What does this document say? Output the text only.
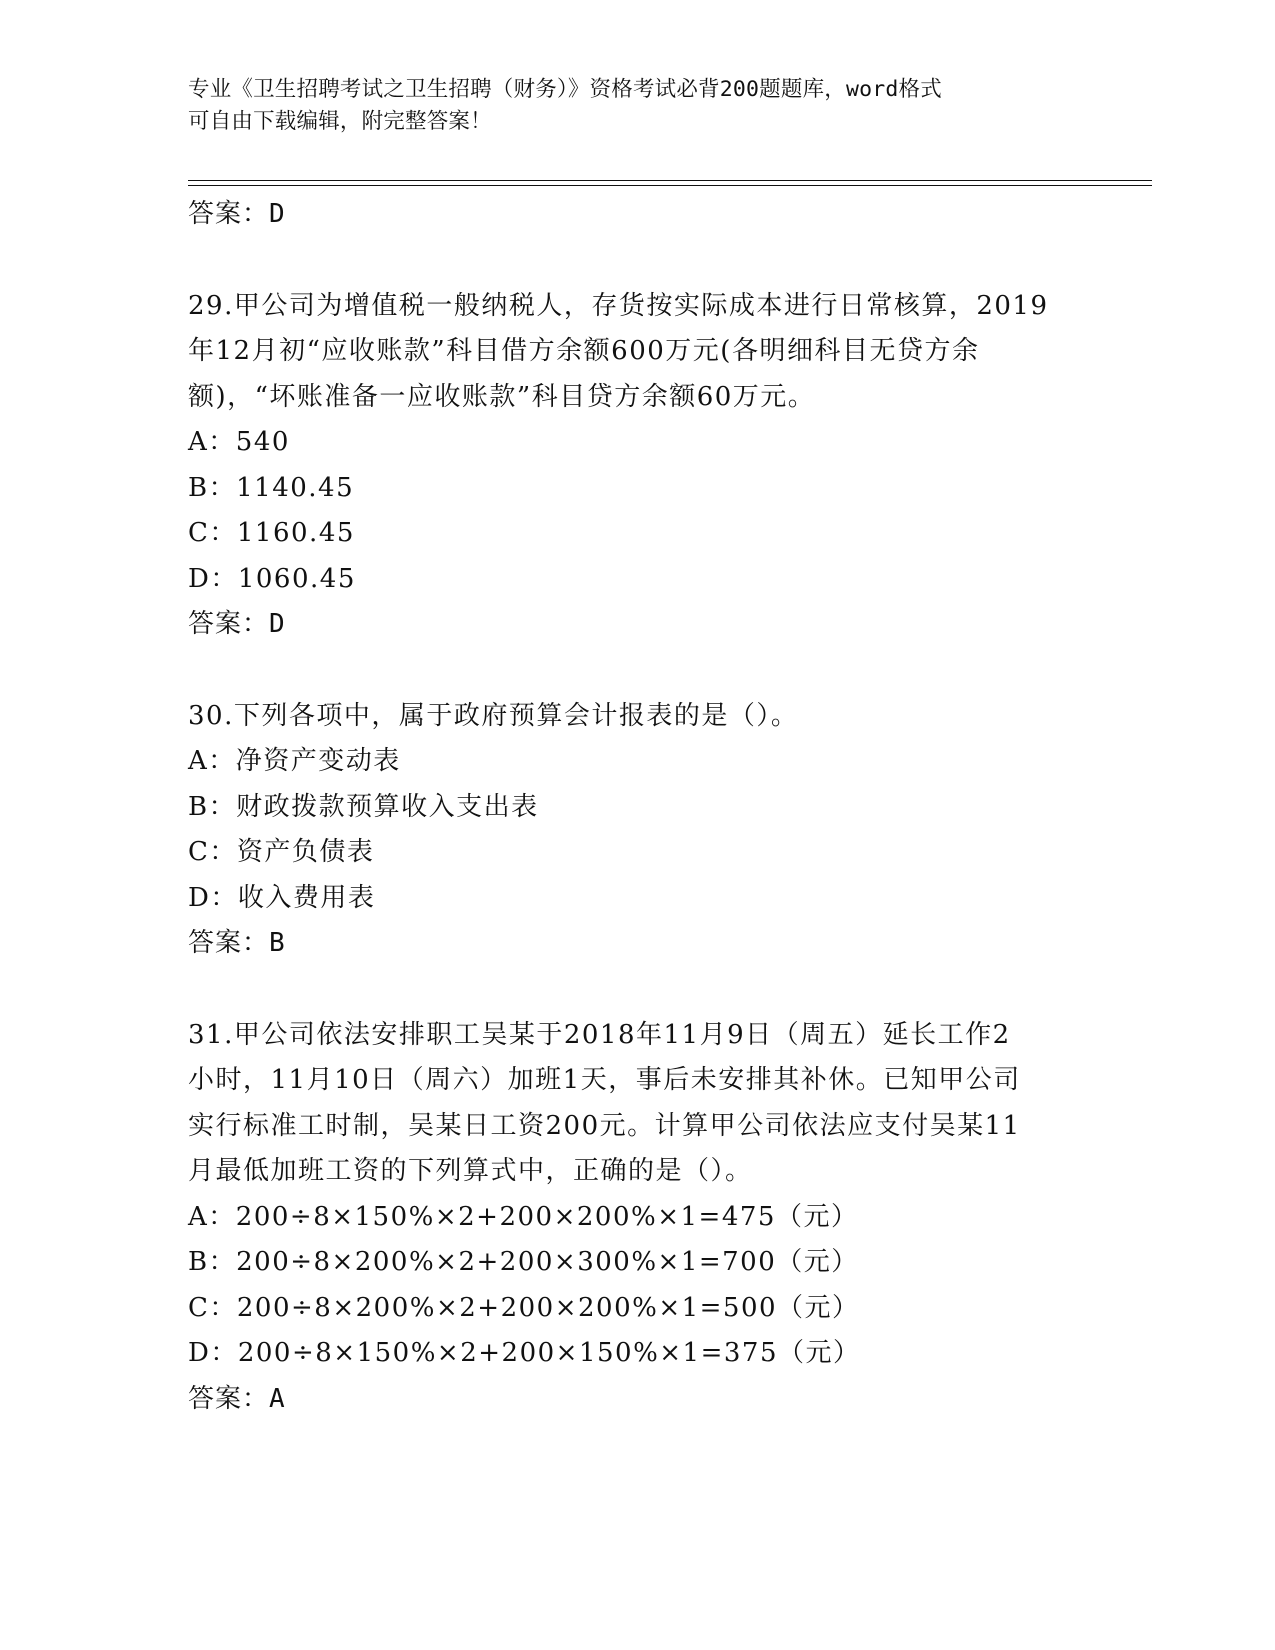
专业《卫生招聘考试之卫生招聘（财务）》资格考试必背200题题库，word格式
可自由下载编辑，附完整答案！
答案：D
29.甲公司为增值税一般纳税人，存货按实际成本进行日常核算，2019
年12月初“应收账款”科目借方余额600万元(各明细科目无贷方余
额)，“坏账准备一应收账款”科目贷方余额60万元。
A：540
B：1140.45
C：1160.45
D：1060.45
答案：D
30.下列各项中，属于政府预算会计报表的是（）。
A：净资产变动表
B：财政拨款预算收入支出表
C：资产负债表
D：收入费用表
答案：B
31.甲公司依法安排职工吴某于2018年11月9日（周五）延长工作2
小时，11月10日（周六）加班1天，事后未安排其补休。已知甲公司
实行标准工时制，吴某日工资200元。计算甲公司依法应支付吴某11
月最低加班工资的下列算式中，正确的是（）。
A：200÷8×150%×2+200×200%×1=475（元）
B：200÷8×200%×2+200×300%×1=700（元）
C：200÷8×200%×2+200×200%×1=500（元）
D：200÷8×150%×2+200×150%×1=375（元）
答案：A
